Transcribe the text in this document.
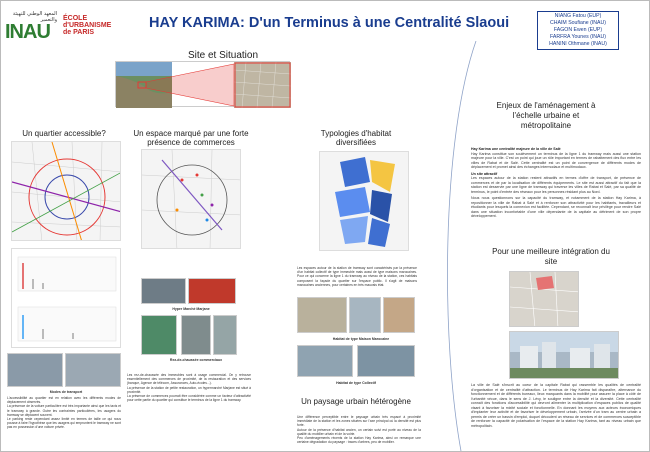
المعهد الوطني للتهيئة والتعمير
INAU
ÉCOLE d'URBANISME de PARIS
HAY KARIMA: D'un Terminus à une Centralité Slaoui	NIANG Fatou (EUP)
CHAIM Soufiane (INAU)
FAGON Ewen (EUP)
FARFRA Younes (INAU)
HANINI Othmane (INAU)
Site et Situation
Un quartier accessible?
Modes de transport
L'accessibilité au quartier est en relation avec les différents modes de déplacement observés.
La présence de la voiture particulière est très importante ainsi que les taxis et le tramway à grande. Outre les contraintes particulières, les usagers du tramway se déplacent souvent.
Le parking reste cependant assez limité en termes de taille ce qui nous pousse à faire l'hypothèse que les usagers qui empruntent le tramway ne sont pas en possession d'une voiture privée.
Un espace marqué par une forte présence de commerces
Hyper Marché Marjane
Rez-de-chaussée commerciaux
Les rez-de-chaussée des immeubles sont à usage commercial. On y retrouve essentiellement des commerces de proximité, de la restauration et des services (banque, Agence de télécom, Assurances, Auto-écoles...).
La présence de la station de petite restauration, un hypermarché Marjane est situé à proximité.
La présence de commerces pourrait être considérée comme un facteur d'attractivité pour cette partie du quartier qui constitue le terminus de la ligne 1 du tramway.
Typologies d'habitat diversifiées
Les espaces autour de la station de tramway sont caractérisés par la présence d'un habitat collectif de type immeuble mais aussi de type maisons marocaines. Pour ce qui concerne la ligne 1 du tramway au niveau de la station, ces habitats composent la façade du quartier sur l'espace public. Il s'agit de maisons marocaines anciennes, pour certaines en très mauvais état.
Habitat de type Maison Marocaine
Habitat de type Collectif
Un paysage urbain hétérogène
Une différence perceptible entre le paysage urbain très espacé à proximité immédiate de la station et les zones situées sur l'axe principal où la densité est plus forte.
Autour de la présence d'habitat ancien, un certain suivi est porté au niveau de la qualité du mobilier urbain et de la voirie.
Peu d'aménagements récents de la station Hay Karima, ainsi on remarque une certaine dégradation du paysage : traces d'arbres, peu de mobilier.
Enjeux de l'aménagement à l'échelle urbaine et métropolitaine
Hay Karima une centralité majeure de la ville de Salé
Hay Karima constitue son soulèvement un terminus de la ligne 1 du tramway mais aussi une station majeure pour la ville. C'est un point qui joue un rôle important en termes de rabattement des flux entre les villes de Rabat et de Salé. Cette centralité est un point de convergence de différents modes de déplacement et promet ainsi des échanges intermodaux et multimodaux.
Un site attractif
Les espaces autour de la station restent attractifs en termes d'offre de transport, de présence de commerces et de par la localisation de différents équipements. Le site est aussi attractif du fait que la station est desservie par une ligne de tramway qui traverse les villes de Rabat et Salé, par sa qualité de terminus, le point d'entrée des réseaux pour les personnes résidant plus au Nord.
Nous nous questionnons sur la capacité du tramway, et notamment de la station Hay Karima, à repositionner la ville de Rabat à Salé et à renforcer son attractivité pour les habitants, travailleurs et étudiants pour lesquels la connexion est facilitée. Cependant, se reconnaît leur privilège pour rendre Salé dans une situation inconfortable d'une ville dépendante de la capitale au détriment de son propre développement.
Pour une meilleure intégration du site
La ville de Salé s'inscrit au coeur de la capitale Rabat qui rassemble les qualités de centralité d'organisation et de centralité d'attraction. Le terminus de Hay Karima fait disparaître, alternance du fonctionnement et de différents bureaux, lieux marquants dans la mobilité pour assurer la place à côté de l'urbanité vécue, dans le sens de J. Lévy, le souligne entre la densité et la diversité. Cette centralité connaît des fonctions d'accessibilité qui devront alimenter la multiplication d'espaces publics de qualité visant à favoriser la mixité sociale et fonctionnelle. En donnant les moyens aux acteurs économiques d'implanter leur activité et de favoriser le développement urbain, l'arrivée d'un tram au centre urbain a permis de créer un bassin d'emploi, duquel découlent un réseau de services et de commerces susceptible de renforcer la capacité de polarisation de l'espace de la station Hay Karima, tant au niveau urbain que métropolitain.
